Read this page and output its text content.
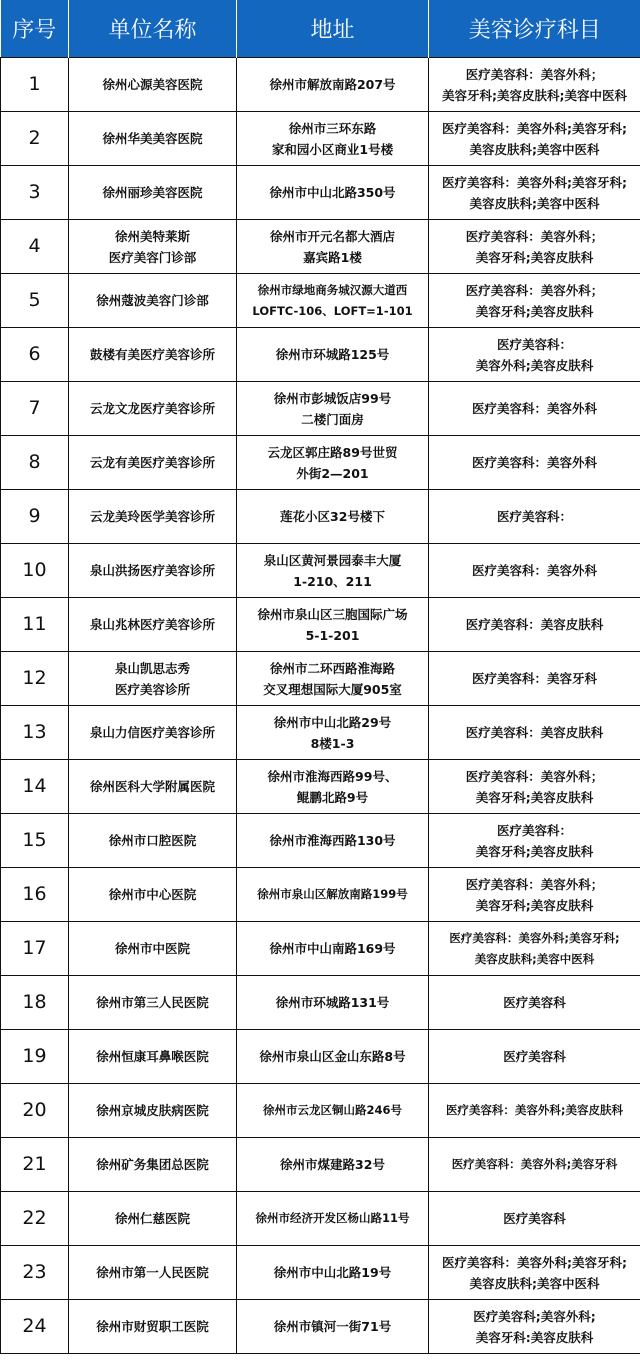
序号	单位名称	地址	美容诊疗科目
1	徐州心源美容医院	徐州市解放南路207号	医疗美容科：美容外科；
美容牙科;美容皮肤科;美容中医科
2	徐州华美美容医院	徐州市三环东路
家和园小区商业1号楼	医疗美容科：美容外科;美容牙科;
美容皮肤科;美容中医科
3	徐州丽珍美容医院	徐州市中山北路350号	医疗美容科：美容外科;美容牙科;
美容皮肤科;美容中医科
4	徐州美特莱斯
医疗美容门诊部	徐州市开元名都大酒店
嘉宾路1楼	医疗美容科：美容外科；
美容牙科;美容皮肤科
5	徐州蔻波美容门诊部	徐州市绿地商务城汉源大道西
LOFTC-106、LOFT=1-101	医疗美容科：美容外科；
美容牙科;美容皮肤科
6	鼓楼有美医疗美容诊所	徐州市环城路125号	医疗美容科：
美容外科;美容皮肤科
7	云龙文龙医疗美容诊所	徐州市彭城饭店99号
二楼门面房	医疗美容科：美容外科
8	云龙有美医疗美容诊所	云龙区郭庄路89号世贸
外街2—201	医疗美容科：美容外科
9	云龙美玲医学美容诊所	莲花小区32号楼下	医疗美容科：
10	泉山洪扬医疗美容诊所	泉山区黄河景园泰丰大厦
1-210、211	医疗美容科：美容外科
11	泉山兆林医疗美容诊所	徐州市泉山区三胞国际广场
5-1-201	医疗美容科：美容皮肤科
12	泉山凯思志秀
医疗美容诊所	徐州市二环西路淮海路
交叉理想国际大厦905室	医疗美容科：美容牙科
13	泉山力信医疗美容诊所	徐州市中山北路29号
8楼1-3	医疗美容科：美容皮肤科
14	徐州医科大学附属医院	徐州市淮海西路99号、
鲲鹏北路9号	医疗美容科：美容外科；
美容牙科;美容皮肤科
15	徐州市口腔医院	徐州市淮海西路130号	医疗美容科：
美容牙科;美容皮肤科
16	徐州市中心医院	徐州市泉山区解放南路199号	医疗美容科：美容外科；
美容牙科;美容皮肤科
17	徐州市中医院	徐州市中山南路169号	医疗美容科：美容外科;美容牙科;
美容皮肤科;美容中医科
18	徐州市第三人民医院	徐州市环城路131号	医疗美容科
19	徐州恒康耳鼻喉医院	徐州市泉山区金山东路8号	医疗美容科
20	徐州京城皮肤病医院	徐州市云龙区铜山路246号	医疗美容科：美容外科;美容皮肤科
21	徐州矿务集团总医院	徐州市煤建路32号	医疗美容科：美容外科;美容牙科
22	徐州仁慈医院	徐州市经济开发区杨山路11号	医疗美容科
23	徐州市第一人民医院	徐州市中山北路19号	医疗美容科：美容外科;美容牙科;
美容皮肤科;美容中医科
24	徐州市财贸职工医院	徐州市镇河一街71号	医疗美容科;美容外科;
美容牙科:美容皮肤科
